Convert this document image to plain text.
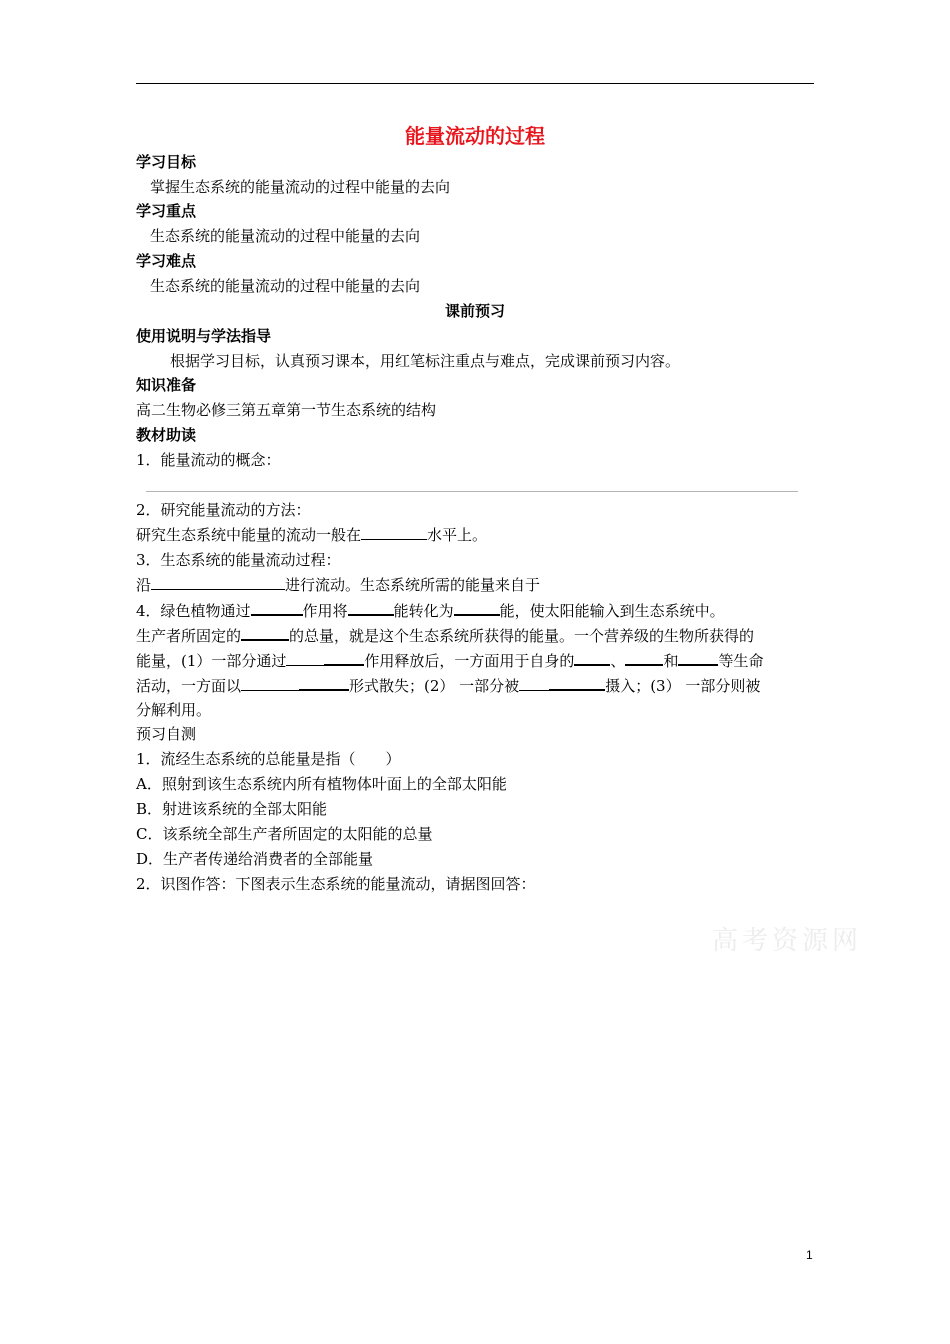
能量流动的过程
学习目标
掌握生态系统的能量流动的过程中能量的去向
学习重点
生态系统的能量流动的过程中能量的去向
学习难点
生态系统的能量流动的过程中能量的去向
课前预习
使用说明与学法指导
根据学习目标，认真预习课本，用红笔标注重点与难点，完成课前预习内容。
知识准备
高二生物必修三第五章第一节生态系统的结构
教材助读
1．能量流动的概念：
2．研究能量流动的方法：
研究生态系统中能量的流动一般在	水平上。
3．生态系统的能量流动过程：
沿	进行流动。生态系统所需的能量来自于
4．绿色植物通过	作用将	能转化为	能，使太阳能输入到生态系统中。
生产者所固定的	的总量，就是这个生态系统所获得的能量。一个营养级的生物所获得的
能量，(1）一部分通过	作用释放后，一方面用于自身的 、	和	等生命
活动，一方面以	形式散失；(2） 一部分被	摄入；(3） 一部分则被
分解利用。
预习自测
1．流经生态系统的总能量是指（　　）
A．照射到该生态系统内所有植物体叶面上的全部太阳能
B．射进该系统的全部太阳能
C．该系统全部生产者所固定的太阳能的总量
D．生产者传递给消费者的全部能量
2．识图作答：下图表示生态系统的能量流动，请据图回答：
高考资源网
1
